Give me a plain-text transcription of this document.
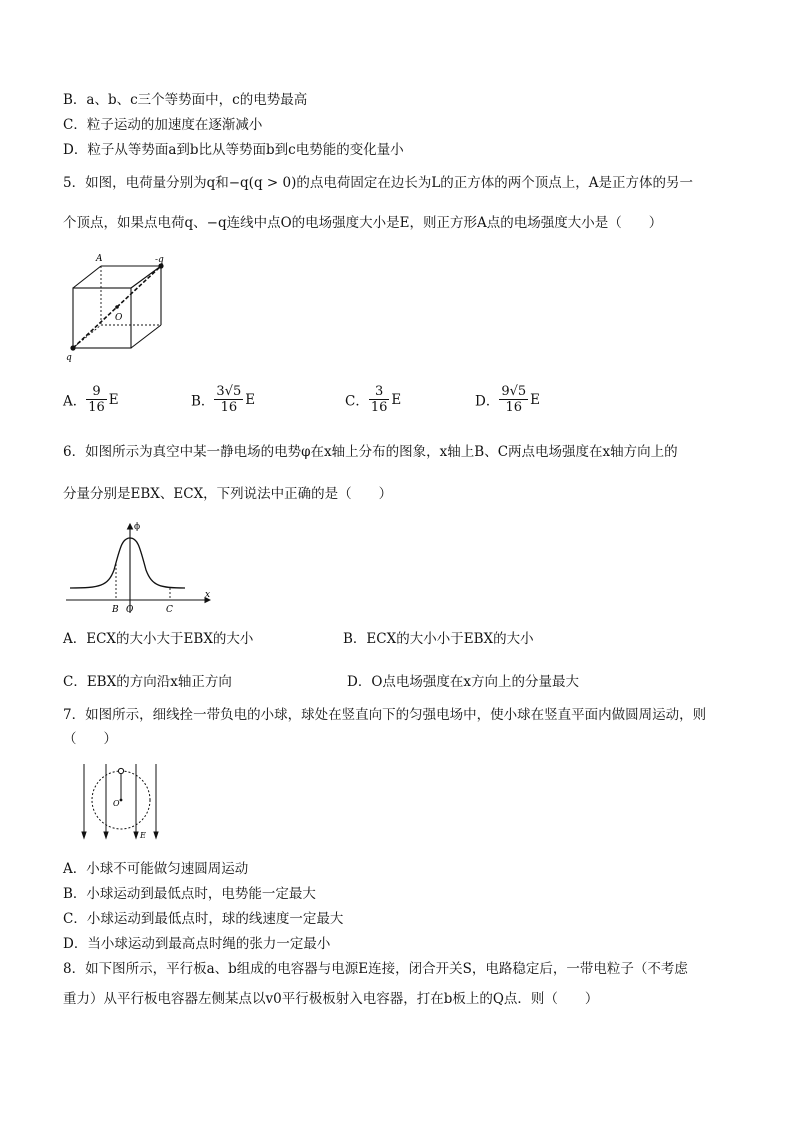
B．a、b、c三个等势面中，c的电势最高
C．粒子运动的加速度在逐渐减小
D．粒子从等势面a到b比从等势面b到c电势能的变化量小
5．如图，电荷量分别为q和−q(q > 0)的点电荷固定在边长为L的正方体的两个顶点上，A是正方体的另一
个顶点，如果点电荷q、−q连线中点O的电场强度大小是E，则正方形A点的电场强度大小是（　　）
A	-q
O
q
A． $\frac{9}{16}$ E	B． $\frac{3√5}{16}$ E	C． $\frac{3}{16}$ E	D． $\frac{9√5}{16}$ E
6．如图所示为真空中某一静电场的电势φ在x轴上分布的图象，x轴上B、C两点电场强度在x轴方向上的
分量分别是EBX、ECX，下列说法中正确的是（　　）
ϕ
x
B O	C
A．ECX的大小大于EBX的大小	B．ECX的大小小于EBX的大小
C．EBX的方向沿x轴正方向	D．O点电场强度在x方向上的分量最大
7．如图所示，细线拴一带负电的小球，球处在竖直向下的匀强电场中，使小球在竖直平面内做圆周运动，则
（　　）
O
E
A．小球不可能做匀速圆周运动
B．小球运动到最低点时，电势能一定最大
C．小球运动到最低点时，球的线速度一定最大
D．当小球运动到最高点时绳的张力一定最小
8．如下图所示，平行板a、b组成的电容器与电源E连接，闭合开关S，电路稳定后，一带电粒子（不考虑
重力）从平行板电容器左侧某点以v0平行极板射入电容器，打在b板上的Q点．则（　　）
